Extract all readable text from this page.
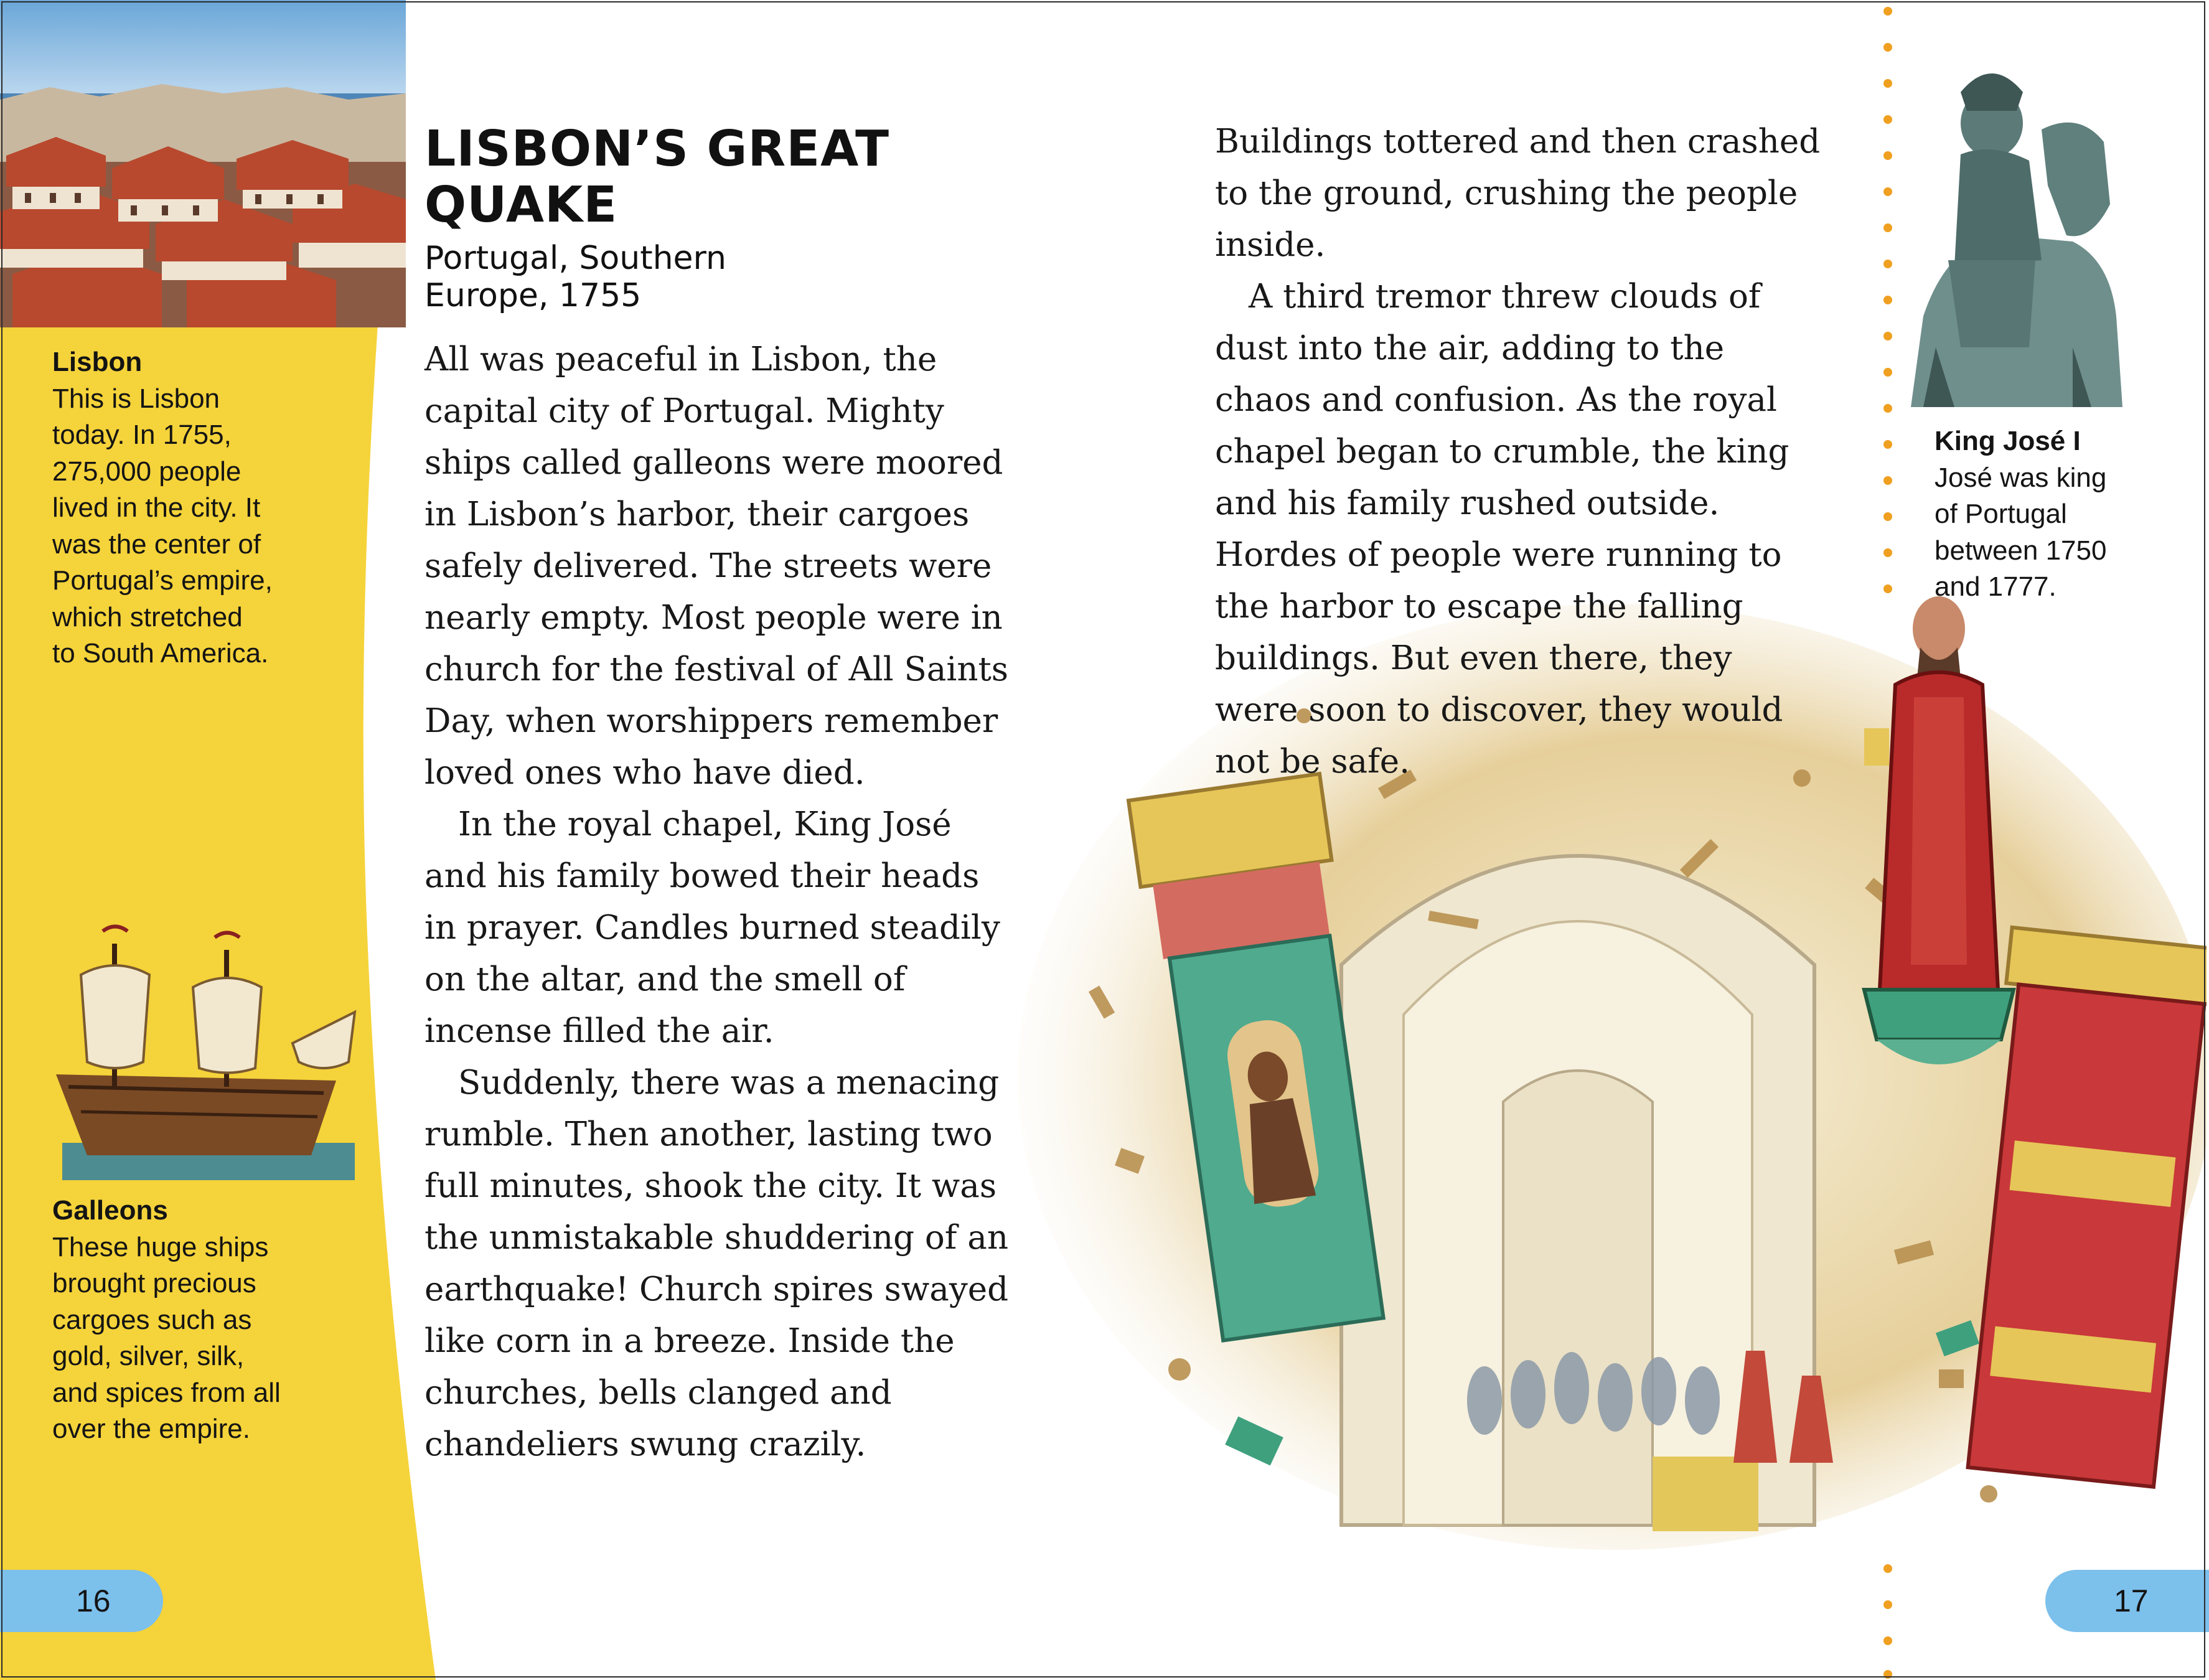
Lisbon
This is Lisbon
today. In 1755,
275,000 people
lived in the city. It
was the center of
Portugal’s empire,
which stretched
to South America.
Galleons
These huge ships
brought precious
cargoes such as
gold, silver, silk,
and spices from all
over the empire.
16	17
LISBON’S GREAT QUAKE
Portugal, Southern
Europe, 1755

All was peaceful in Lisbon, the capital city of Portugal. Mighty ships called galleons were moored in Lisbon’s harbor, their cargoes safely delivered. The streets were nearly empty. Most people were in church for the festival of All Saints Day, when worshippers remember loved ones who have died.

In the royal chapel, King José and his family bowed their heads in prayer. Candles burned steadily on the altar, and the smell of incense filled the air.

Suddenly, there was a menacing rumble. Then another, lasting two full minutes, shook the city. It was the unmistakable shuddering of an earthquake! Church spires swayed like corn in a breeze. Inside the churches, bells clanged and chandeliers swung crazily.

Buildings tottered and then crashed to the ground, crushing the people inside.

A third tremor threw clouds of dust into the air, adding to the chaos and confusion. As the royal chapel began to crumble, the king and his family rushed outside. Hordes of people were running to the harbor to escape the falling buildings. But even there, they were soon to discover, they would not be safe.

King José I
José was king
of Portugal
between 1750
and 1777.
